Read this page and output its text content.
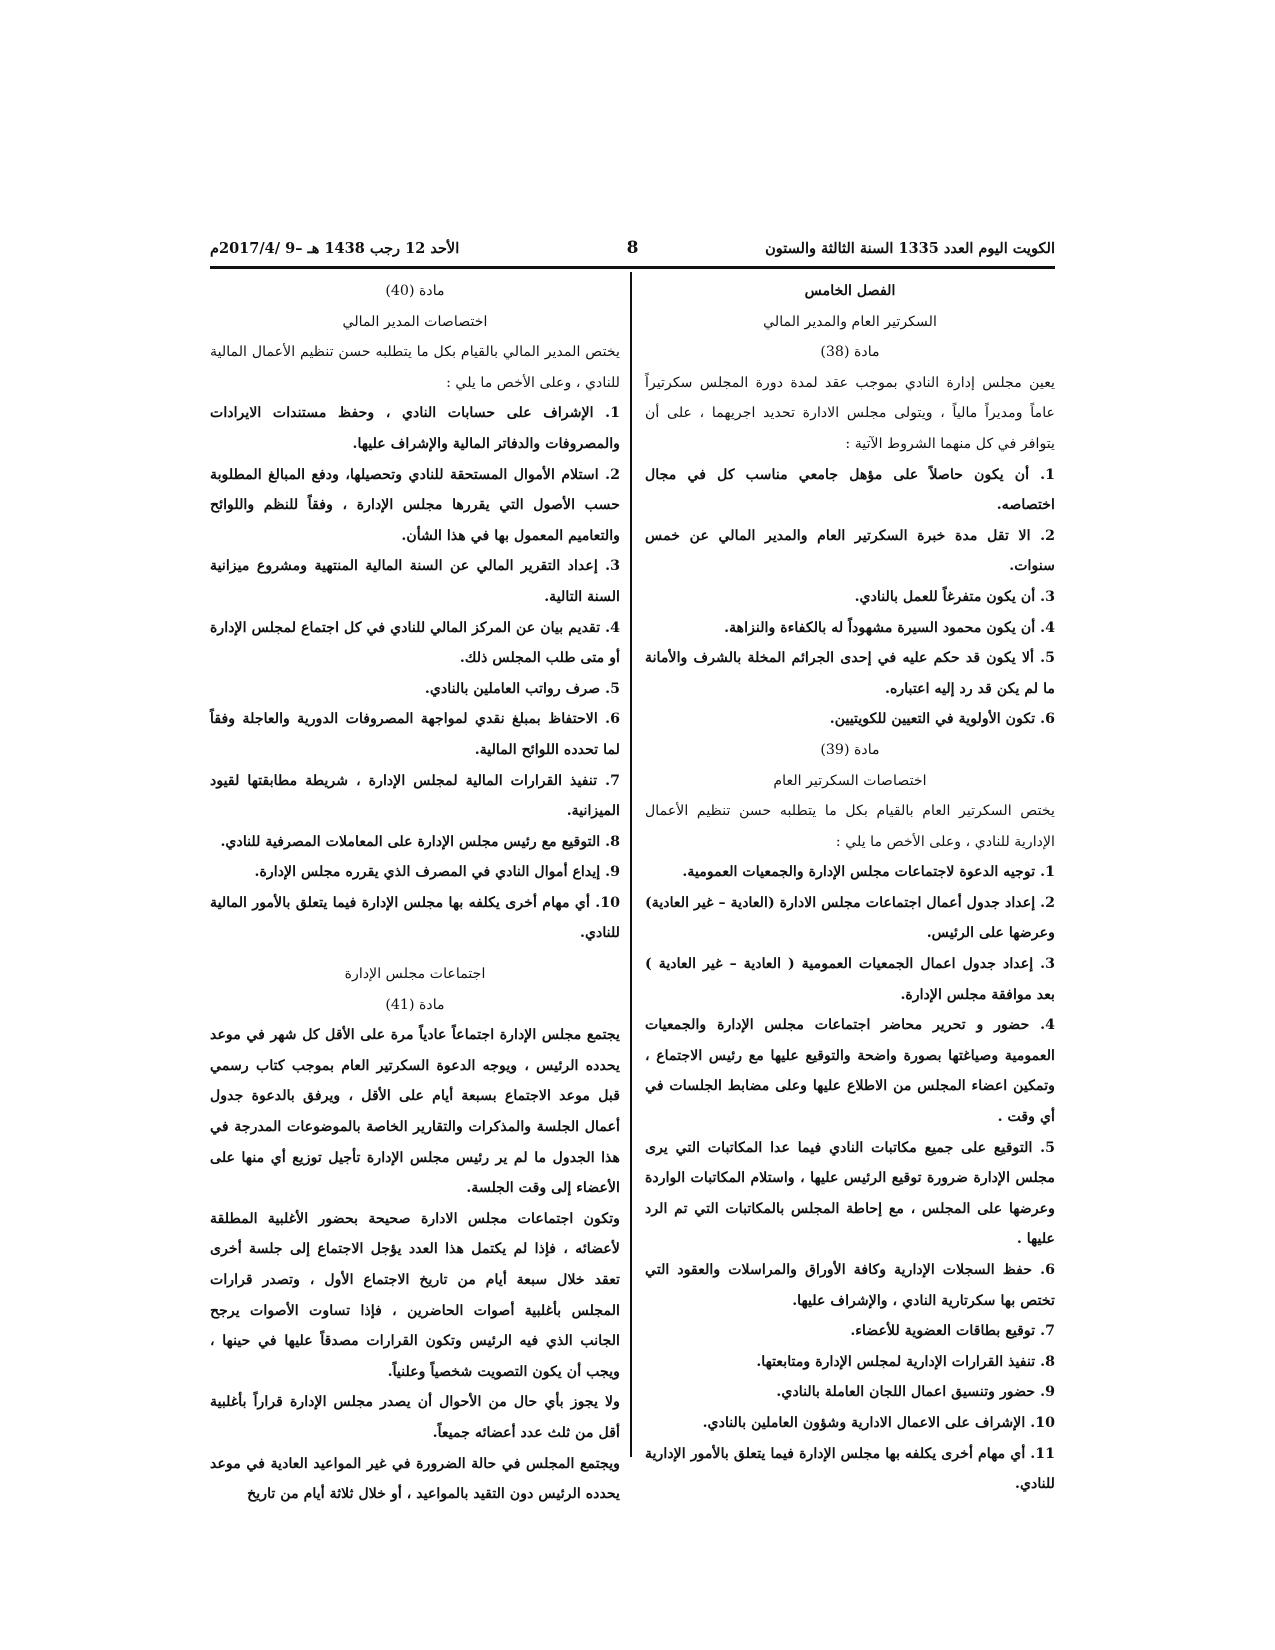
الكويت اليوم العدد 1335 السنة الثالثة والستون
8
الأحد 12 رجب 1438 هـ –9 /2017/4م

الفصل الخامس

السكرتير العام والمدير المالي

مادة (38)

يعين مجلس إدارة النادي بموجب عقد لمدة دورة المجلس سكرتيراً عاماً ومديراً مالياً ، ويتولى مجلس الادارة تحديد اجريهما ، على أن يتوافر في كل منهما الشروط الآتية :

1. أن يكون حاصلاً على مؤهل جامعي مناسب كل في مجال اختصاصه.

2. الا تقل مدة خبرة السكرتير العام والمدير المالي عن خمس سنوات.

3. أن يكون متفرغاً للعمل بالنادي.

4. أن يكون محمود السيرة مشهوداً له بالكفاءة والنزاهة.

5. ألا يكون قد حكم عليه في إحدى الجرائم المخلة بالشرف والأمانة ما لم يكن قد رد إليه اعتباره.

6. تكون الأولوية في التعيين للكويتيين.

مادة (39)

اختصاصات السكرتير العام

يختص السكرتير العام بالقيام بكل ما يتطلبه حسن تنظيم الأعمال الإدارية للنادي ، وعلى الأخص ما يلي :

1. توجيه الدعوة لاجتماعات مجلس الإدارة والجمعيات العمومية.

2. إعداد جدول أعمال اجتماعات مجلس الادارة (العادية – غير العادية) وعرضها على الرئيس.

3. إعداد جدول اعمال الجمعيات العمومية ( العادية – غير العادية ) بعد موافقة مجلس الإدارة.

4. حضور و تحرير محاضر اجتماعات مجلس الإدارة والجمعيات العمومية وصياغتها بصورة واضحة والتوقيع عليها مع رئيس الاجتماع ، وتمكين اعضاء المجلس من الاطلاع عليها وعلى مضابط الجلسات في أي وقت .

5. التوقيع على جميع مكاتبات النادي فيما عدا المكاتبات التي يرى مجلس الإدارة ضرورة توقيع الرئيس عليها ، واستلام المكاتبات الواردة وعرضها على المجلس ، مع إحاطة المجلس بالمكاتبات التي تم الرد عليها .

6. حفظ السجلات الإدارية وكافة الأوراق والمراسلات والعقود التي تختص بها سكرتارية النادي ، والإشراف عليها.

7. توقيع بطاقات العضوية للأعضاء.

8. تنفيذ القرارات الإدارية لمجلس الإدارة ومتابعتها.

9. حضور وتنسيق اعمال اللجان العاملة بالنادي.

10. الإشراف على الاعمال الادارية وشؤون العاملين بالنادي.

11. أي مهام أخرى يكلفه بها مجلس الإدارة فيما يتعلق بالأمور الإدارية للنادي.

مادة (40)

اختصاصات المدير المالي

يختص المدير المالي بالقيام بكل ما يتطلبه حسن تنظيم الأعمال المالية للنادي ، وعلى الأخص ما يلي :

1. الإشراف على حسابات النادي ، وحفظ مستندات الايرادات والمصروفات والدفاتر المالية والإشراف عليها.

2. استلام الأموال المستحقة للنادي وتحصيلها، ودفع المبالغ المطلوبة حسب الأصول التي يقررها مجلس الإدارة ، وفقاً للنظم واللوائح والتعاميم المعمول بها في هذا الشأن.

3. إعداد التقرير المالي عن السنة المالية المنتهية ومشروع ميزانية السنة التالية.

4. تقديم بيان عن المركز المالي للنادي في كل اجتماع لمجلس الإدارة أو متى طلب المجلس ذلك.

5. صرف رواتب العاملين بالنادي.

6. الاحتفاظ بمبلغ نقدي لمواجهة المصروفات الدورية والعاجلة وفقاً لما تحدده اللوائح المالية.

7. تنفيذ القرارات المالية لمجلس الإدارة ، شريطة مطابقتها لقيود الميزانية.

8. التوقيع مع رئيس مجلس الإدارة على المعاملات المصرفية للنادي.

9. إيداع أموال النادي في المصرف الذي يقرره مجلس الإدارة.

10. أي مهام أخرى يكلفه بها مجلس الإدارة فيما يتعلق بالأمور المالية للنادي.

اجتماعات مجلس الإدارة

مادة (41)

يجتمع مجلس الإدارة اجتماعاً عادياً مرة على الأقل كل شهر في موعد يحدده الرئيس ، ويوجه الدعوة السكرتير العام بموجب كتاب رسمي قبل موعد الاجتماع بسبعة أيام على الأقل ، ويرفق بالدعوة جدول أعمال الجلسة والمذكرات والتقارير الخاصة بالموضوعات المدرجة في هذا الجدول ما لم ير رئيس مجلس الإدارة تأجيل توزيع أي منها على الأعضاء إلى وقت الجلسة.

وتكون اجتماعات مجلس الادارة صحيحة بحضور الأغلبية المطلقة لأعضائه ، فإذا لم يكتمل هذا العدد يؤجل الاجتماع إلى جلسة أخرى تعقد خلال سبعة أيام من تاريخ الاجتماع الأول ، وتصدر قرارات المجلس بأغلبية أصوات الحاضرين ، فإذا تساوت الأصوات يرجح الجانب الذي فيه الرئيس وتكون القرارات مصدقاً عليها في حينها ، ويجب أن يكون التصويت شخصياً وعلنياً.

ولا يجوز بأي حال من الأحوال أن يصدر مجلس الإدارة قراراً بأغلبية أقل من ثلث عدد أعضائه جميعاً.

ويجتمع المجلس في حالة الضرورة في غير المواعيد العادية في موعد يحدده الرئيس دون التقيد بالمواعيد ، أو خلال ثلاثة أيام من تاريخ
